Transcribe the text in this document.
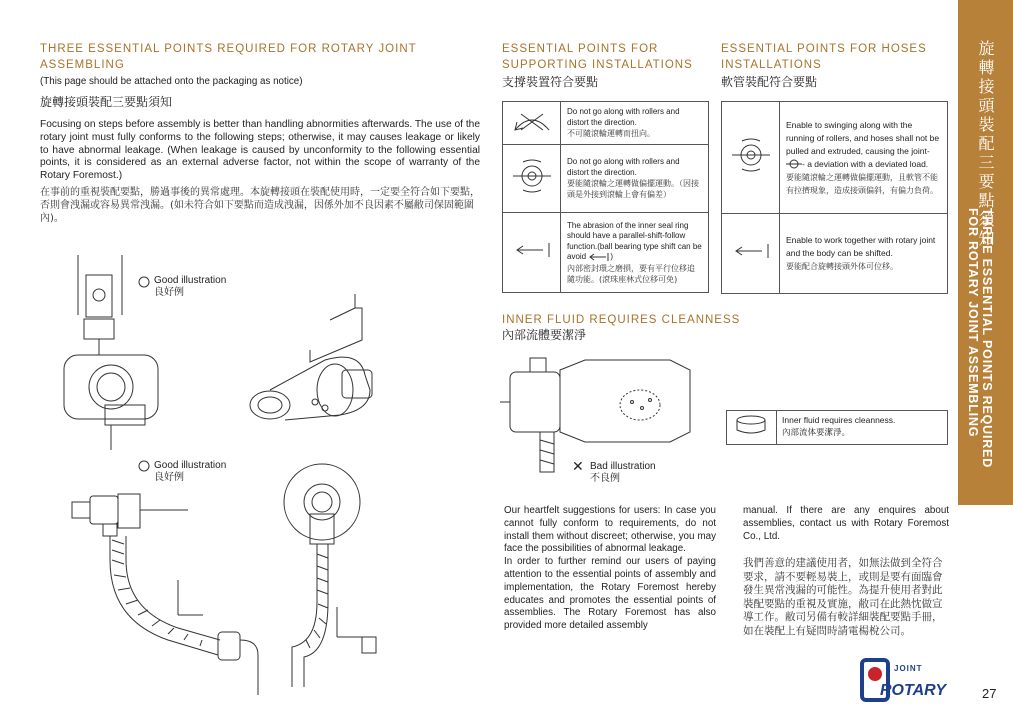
THREE ESSENTIAL POINTS REQUIRED FOR ROTARY JOINT ASSEMBLING
(This page should be attached onto the packaging as notice)
旋轉接頭裝配三要點須知
Focusing on steps before assembly is better than handling abnormities afterwards. The use of the rotary joint must fully conforms to the following steps; otherwise, it may causes leakage or likely to have abnormal leakage. (When leakage is caused by unconformity to the following essential points, it is considered as an external adverse factor, not within the scope of warranty of the Rotary Foremost.)
在事前的重視裝配要點，勝過事後的異常處理。本旋轉接頭在裝配使用時，一定要全符合如下要點，否則會洩漏或容易異常洩漏。(如未符合如下要點而造成洩漏，因係外加不良因素不屬敝司保固範圍內)。
Good illustration
良好例
Good illustration
良好例
ESSENTIAL POINTS FOR SUPPORTING INSTALLATIONS
支撐裝置符合要點
	Do not go along with rollers and distort the direction.
不可隨滾輪運轉而扭向。

	Do not go along with rollers and distort the direction.
要能隨滾輪之運轉做偏擺運動。（因接頭是外接到滾輪上會有偏差）

	The abrasion of the inner seal ring should have a parallel-shift-follow function.(ball bearing type shift can be avoid )
內部密封環之磨損，要有平行位移追隨功能。(滾珠座林式位移可免)
ESSENTIAL POINTS FOR HOSES INSTALLATIONS
軟管裝配符合要點
	Enable to swinging along with the running of rollers, and hoses shall not be pulled and extruded, causing the joint-- a deviation with a deviated load.
要能隨滾輪之運轉做偏擺運動，且軟管不能有拉擠現象，造成接頭偏斜，有偏力負荷。

	Enable to work together with rotary joint and the body can be shifted.
要能配合旋轉接頭外体可位移。
INNER FLUID REQUIRES CLEANNESS
內部流體要潔淨
Inner fluid requires cleanness.
內部流体要潔淨。
✕ Bad illustration
不良例
Our heartfelt suggestions for users: In case you cannot fully conform to requirements, do not install them without discreet; otherwise, you may face the possibilities of abnormal leakage.
In order to further remind our users of paying attention to the essential points of assembly and implementation, the Rotary Foremost hereby educates and promotes the essential points of assemblies. The Rotary Foremost has also provided more detailed assembly
manual. If there are any enquires about assemblies, contact us with Rotary Foremost Co., Ltd.
我們善意的建議使用者，如無法做到全符合要求，請不要輕易裝上，或則是要有面臨會發生異常洩漏的可能性。為提升使用者對此裝配要點的重視及實施，敝司在此熱忱做宣導工作。敝司另備有較詳細裝配要點手冊，如在裝配上有疑問時請電楊梲公司。
旋轉接頭裝配三要點須知
THREE ESSENTIAL POINTS REQUIRED FOR ROTARY JOINT ASSEMBLING
JOINT
ROTARY	27
